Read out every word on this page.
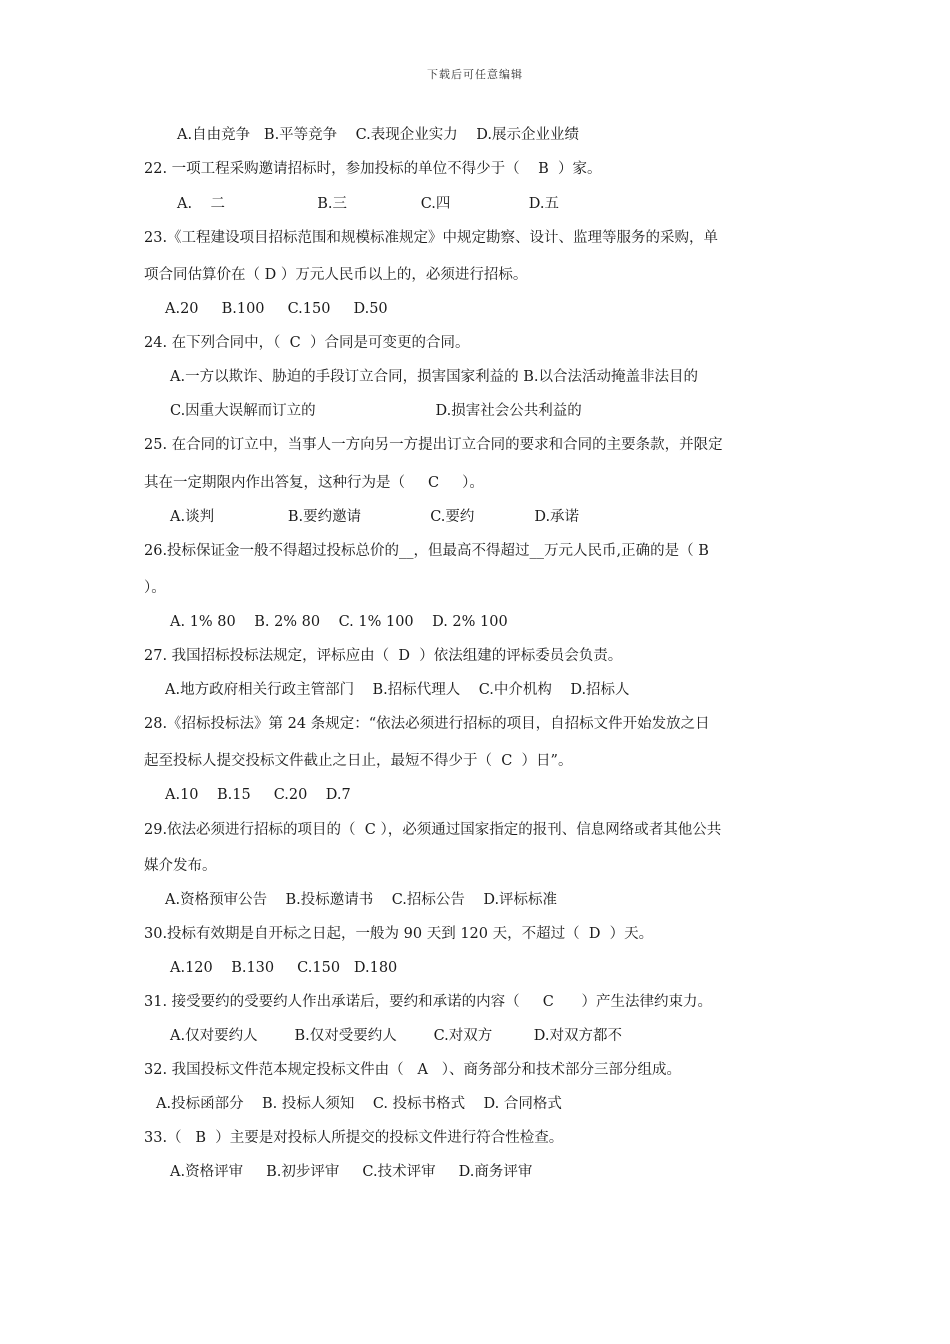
下载后可任意编辑
A.自由竞争   B.平等竞争    C.表现企业实力    D.展示企业业绩
22. 一项工程采购邀请招标时，参加投标的单位不得少于（    B  ）家。
A.    二                    B.三                C.四                 D.五
23.《工程建设项目招标范围和规模标准规定》中规定勘察、设计、监理等服务的采购，单
项合同估算价在（ D ）万元人民币以上的，必须进行招标。
A.20     B.100     C.150     D.50
24. 在下列合同中，（  C  ）合同是可变更的合同。
A.一方以欺诈、胁迫的手段订立合同，损害国家利益的 B.以合法活动掩盖非法目的
C.因重大误解而订立的                          D.损害社会公共利益的
25. 在合同的订立中，当事人一方向另一方提出订立合同的要求和合同的主要条款，并限定
其在一定期限内作出答复，这种行为是（     C     ）。
A.谈判                B.要约邀请               C.要约             D.承诺
26.投标保证金一般不得超过投标总价的__，但最高不得超过__万元人民币,正确的是（ B
）。
A. 1% 80    B. 2% 80    C. 1% 100    D. 2% 100
27. 我国招标投标法规定，评标应由（  D  ）依法组建的评标委员会负责。
A.地方政府相关行政主管部门    B.招标代理人    C.中介机构    D.招标人
28.《招标投标法》第 24 条规定：“依法必须进行招标的项目，自招标文件开始发放之日
起至投标人提交投标文件截止之日止，最短不得少于（  C  ）日”。
A.10    B.15     C.20    D.7
29.依法必须进行招标的项目的（  C ），必须通过国家指定的报刊、信息网络或者其他公共
媒介发布。
A.资格预审公告    B.投标邀请书    C.招标公告    D.评标标准
30.投标有效期是自开标之日起，一般为 90 天到 120 天，不超过（  D  ）天。
A.120    B.130     C.150   D.180
31. 接受要约的受要约人作出承诺后，要约和承诺的内容（     C      ）产生法律约束力。
A.仅对要约人        B.仅对受要约人        C.对双方         D.对双方都不
32. 我国投标文件范本规定投标文件由（   A   ）、商务部分和技术部分三部分组成。
A.投标函部分    B. 投标人须知    C. 投标书格式    D. 合同格式
33.（   B  ）主要是对投标人所提交的投标文件进行符合性检查。
A.资格评审     B.初步评审     C.技术评审     D.商务评审
